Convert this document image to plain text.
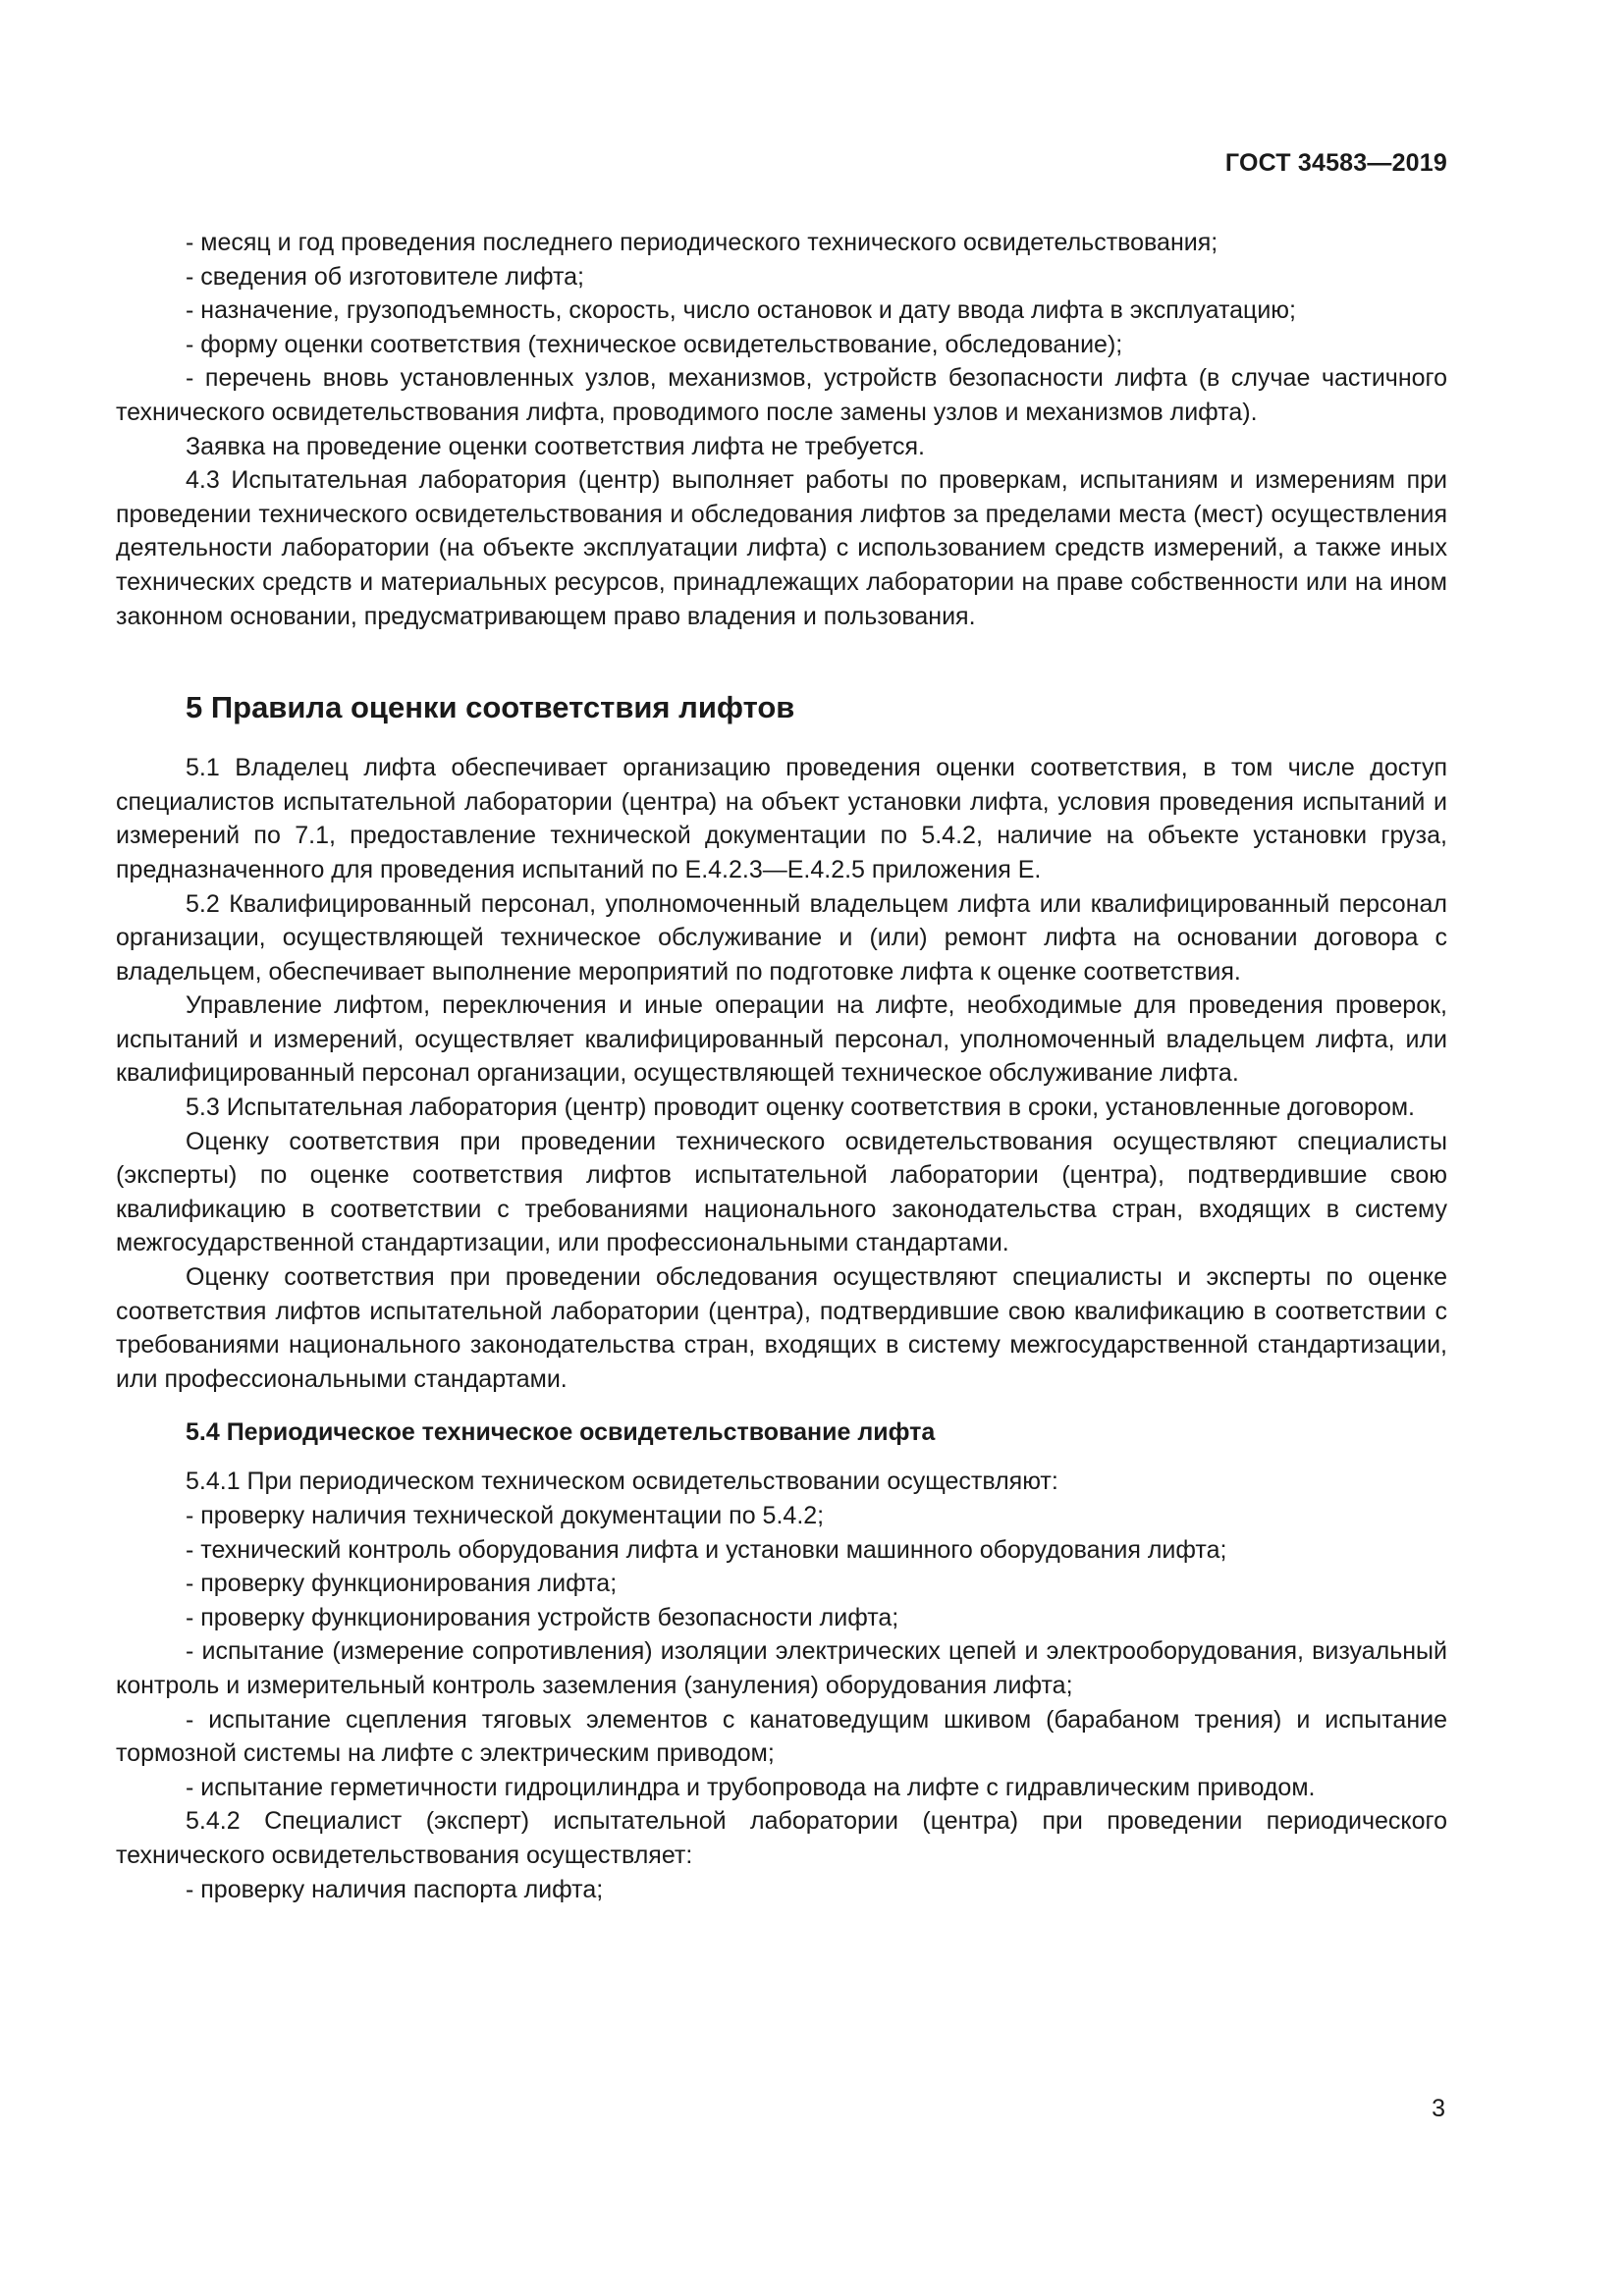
ГОСТ 34583—2019

- месяц и год проведения последнего периодического технического освидетельствования;

- сведения об изготовителе лифта;

- назначение, грузоподъемность, скорость, число остановок и дату ввода лифта в эксплуатацию;

- форму оценки соответствия (техническое освидетельствование, обследование);

- перечень вновь установленных узлов, механизмов, устройств безопасности лифта (в случае частичного технического освидетельствования лифта, проводимого после замены узлов и механизмов лифта).

Заявка на проведение оценки соответствия лифта не требуется.

4.3 Испытательная лаборатория (центр) выполняет работы по проверкам, испытаниям и измерениям при проведении технического освидетельствования и обследования лифтов за пределами места (мест) осуществления деятельности лаборатории (на объекте эксплуатации лифта) с использованием средств измерений, а также иных технических средств и материальных ресурсов, принадлежащих лаборатории на праве собственности или на ином законном основании, предусматривающем право владения и пользования.

5 Правила оценки соответствия лифтов

5.1 Владелец лифта обеспечивает организацию проведения оценки соответствия, в том числе доступ специалистов испытательной лаборатории (центра) на объект установки лифта, условия проведения испытаний и измерений по 7.1, предоставление технической документации по 5.4.2, наличие на объекте установки груза, предназначенного для проведения испытаний по Е.4.2.3—Е.4.2.5 приложения Е.

5.2 Квалифицированный персонал, уполномоченный владельцем лифта или квалифицированный персонал организации, осуществляющей техническое обслуживание и (или) ремонт лифта на основании договора с владельцем, обеспечивает выполнение мероприятий по подготовке лифта к оценке соответствия.

Управление лифтом, переключения и иные операции на лифте, необходимые для проведения проверок, испытаний и измерений, осуществляет квалифицированный персонал, уполномоченный владельцем лифта, или квалифицированный персонал организации, осуществляющей техническое обслуживание лифта.

5.3 Испытательная лаборатория (центр) проводит оценку соответствия в сроки, установленные договором.

Оценку соответствия при проведении технического освидетельствования осуществляют специалисты (эксперты) по оценке соответствия лифтов испытательной лаборатории (центра), подтвердившие свою квалификацию в соответствии с требованиями национального законодательства стран, входящих в систему межгосударственной стандартизации, или профессиональными стандартами.

Оценку соответствия при проведении обследования осуществляют специалисты и эксперты по оценке соответствия лифтов испытательной лаборатории (центра), подтвердившие свою квалификацию в соответствии с требованиями национального законодательства стран, входящих в систему межгосударственной стандартизации, или профессиональными стандартами.

5.4 Периодическое техническое освидетельствование лифта

5.4.1 При периодическом техническом освидетельствовании осуществляют:

- проверку наличия технической документации по 5.4.2;

- технический контроль оборудования лифта и установки машинного оборудования лифта;

- проверку функционирования лифта;

- проверку функционирования устройств безопасности лифта;

- испытание (измерение сопротивления) изоляции электрических цепей и электрооборудования, визуальный контроль и измерительный контроль заземления (зануления) оборудования лифта;

- испытание сцепления тяговых элементов с канатоведущим шкивом (барабаном трения) и испытание тормозной системы на лифте с электрическим приводом;

- испытание герметичности гидроцилиндра и трубопровода на лифте с гидравлическим приводом.

5.4.2 Специалист (эксперт) испытательной лаборатории (центра) при проведении периодического технического освидетельствования осуществляет:

- проверку наличия паспорта лифта;

3
